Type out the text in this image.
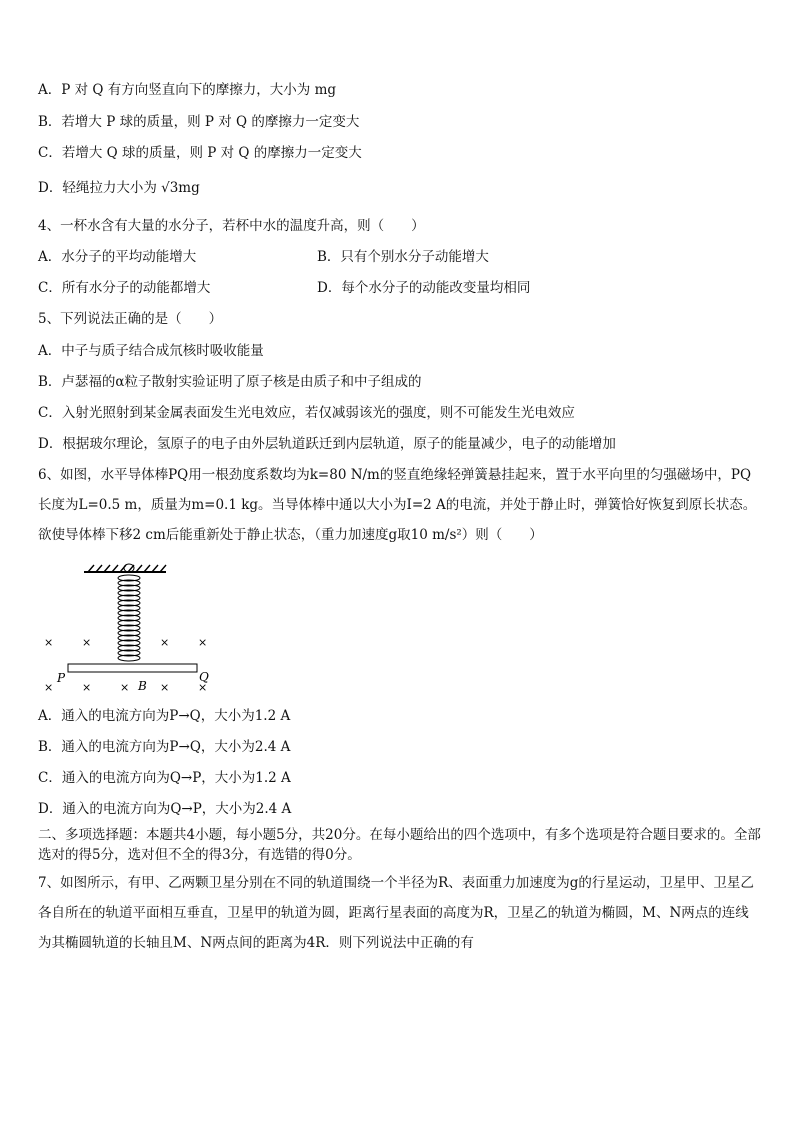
A．P 对 Q 有方向竖直向下的摩擦力，大小为 mg
B．若增大 P 球的质量，则 P 对 Q 的摩擦力一定变大
C．若增大 Q 球的质量，则 P 对 Q 的摩擦力一定变大
D．轻绳拉力大小为 √3mg
4、一杯水含有大量的水分子，若杯中水的温度升高，则（　　）
A．水分子的平均动能增大	B．只有个别水分子动能增大
C．所有水分子的动能都增大	D．每个水分子的动能改变量均相同
5、下列说法正确的是（　　）
A．中子与质子结合成氘核时吸收能量
B．卢瑟福的α粒子散射实验证明了原子核是由质子和中子组成的
C．入射光照射到某金属表面发生光电效应，若仅减弱该光的强度，则不可能发生光电效应
D．根据玻尔理论，氢原子的电子由外层轨道跃迁到内层轨道，原子的能量减少，电子的动能增加
6、如图，水平导体棒PQ用一根劲度系数均为k=80 N/m的竖直绝缘轻弹簧悬挂起来，置于水平向里的匀强磁场中，PQ长度为L=0.5 m，质量为m=0.1 kg。当导体棒中通以大小为I=2 A的电流，并处于静止时，弹簧恰好恢复到原长状态。欲使导体棒下移2 cm后能重新处于静止状态，（重力加速度g取10 m/s²）则（　　）
×	×	×	×
×	×	×	×	×
P	Q
B
A．通入的电流方向为P→Q，大小为1.2 A
B．通入的电流方向为P→Q，大小为2.4 A
C．通入的电流方向为Q→P，大小为1.2 A
D．通入的电流方向为Q→P，大小为2.4 A
二、多项选择题：本题共4小题，每小题5分，共20分。在每小题给出的四个选项中，有多个选项是符合题目要求的。全部选对的得5分，选对但不全的得3分，有选错的得0分。
7、如图所示，有甲、乙两颗卫星分别在不同的轨道围绕一个半径为R、表面重力加速度为g的行星运动，卫星甲、卫星乙各自所在的轨道平面相互垂直，卫星甲的轨道为圆，距离行星表面的高度为R，卫星乙的轨道为椭圆，M、N两点的连线为其椭圆轨道的长轴且M、N两点间的距离为4R．则下列说法中正确的有
